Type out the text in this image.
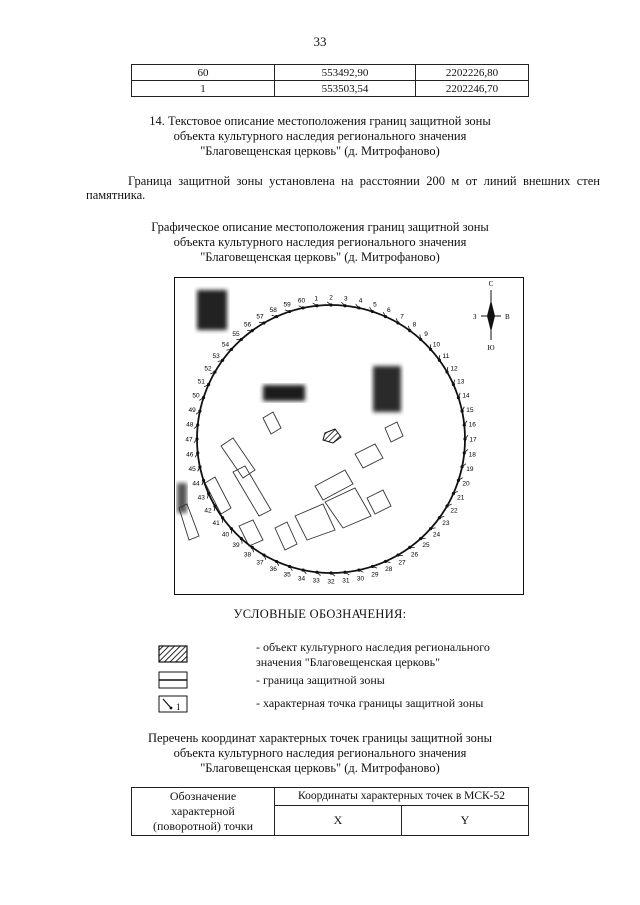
33
60	553492,90	2202226,80
1	553503,54	2202246,70
14. Текстовое описание местоположения границ защитной зоны
объекта культурного наследия регионального значения
"Благовещенская церковь" (д. Митрофаново)
Граница защитной зоны установлена на расстоянии 200 м от линий внешних стен
памятника.
Графическое описание местоположения границ защитной зоны
объекта культурного наследия регионального значения
"Благовещенская церковь" (д. Митрофаново)
1 2 3 4
5
6
7
8
9
10
11
12
13
14
15
16
17
18
19
20
21
22
23
24
25
26
27
28
29
30
31
32
33
34
35
36
37
38
39
40
41
42
43
44
45
46
47
48
49
50
51
52
53
54
55
56
57
58
59
60
С
Ю
В
З
УСЛОВНЫЕ ОБОЗНАЧЕНИЯ:
- объект культурного наследия регионального
значения "Благовещенская церковь"
- граница защитной зоны
1	- характерная точка границы защитной зоны
Перечень координат характерных точек границы защитной зоны
объекта культурного наследия регионального значения
"Благовещенская церковь" (д. Митрофаново)
Обозначение
характерной
(поворотной) точки	Координаты характерных точек в МСК-52	
	X	Y
